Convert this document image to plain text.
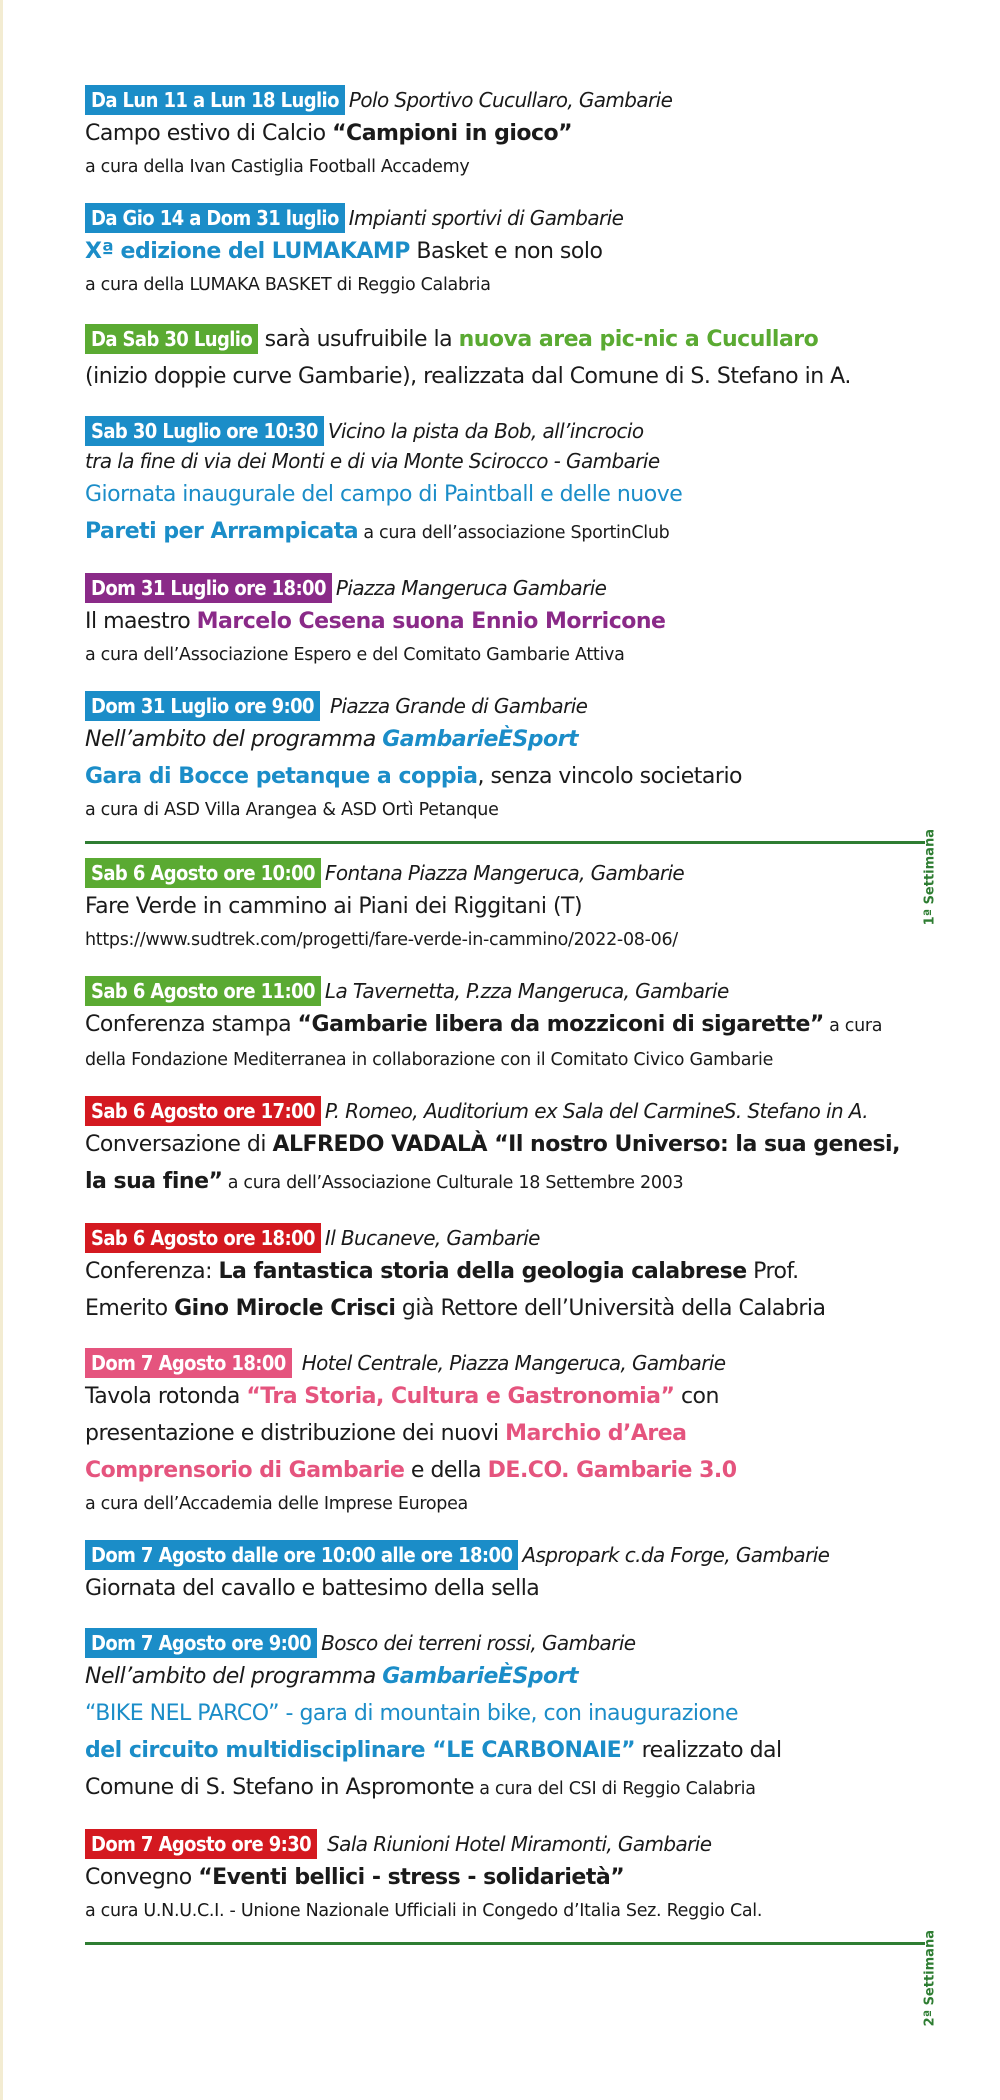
1ª Settimana
Da Lun 11 a Lun 18 Luglio Polo Sportivo Cucullaro, Gambarie
Campo estivo di Calcio “Campioni in gioco”
a cura della Ivan Castiglia Football Accademy
Da Gio 14 a Dom 31 luglio Impianti sportivi di Gambarie
Xª edizione del LUMAKAMP Basket e non solo
a cura della LUMAKA BASKET di Reggio Calabria
Da Sab 30 Luglio sarà usufruibile la nuova area pic-nic a Cucullaro
(inizio doppie curve Gambarie), realizzata dal Comune di S. Stefano in A.
Sab 30 Luglio ore 10:30 Vicino la pista da Bob, all’incrocio
tra la fine di via dei Monti e di via Monte Scirocco - Gambarie
Giornata inaugurale del campo di Paintball e delle nuove
Pareti per Arrampicata a cura dell’associazione SportinClub
Dom 31 Luglio ore 18:00 Piazza Mangeruca Gambarie
Il maestro Marcelo Cesena suona Ennio Morricone
a cura dell’Associazione Espero e del Comitato Gambarie Attiva
Dom 31 Luglio ore 9:00 Piazza Grande di Gambarie
Nell’ambito del programma GambarieÈSport
Gara di Bocce petanque a coppia, senza vincolo societario
a cura di ASD Villa Arangea & ASD Ortì Petanque
2ª Settimana
Sab 6 Agosto ore 10:00 Fontana Piazza Mangeruca, Gambarie
Fare Verde in cammino ai Piani dei Riggitani (T)
https://www.sudtrek.com/progetti/fare-verde-in-cammino/2022-08-06/
Sab 6 Agosto ore 11:00 La Tavernetta, P.zza Mangeruca, Gambarie
Conferenza stampa “Gambarie libera da mozziconi di sigarette” a cura
della Fondazione Mediterranea in collaborazione con il Comitato Civico Gambarie
Sab 6 Agosto ore 17:00 P. Romeo, Auditorium ex Sala del CarmineS. Stefano in A.
Conversazione di ALFREDO VADALÀ “Il nostro Universo: la sua genesi,
la sua fine” a cura dell’Associazione Culturale 18 Settembre 2003
Sab 6 Agosto ore 18:00 Il Bucaneve, Gambarie
Conferenza: La fantastica storia della geologia calabrese Prof.
Emerito Gino Mirocle Crisci già Rettore dell’Università della Calabria
Dom 7 Agosto 18:00 Hotel Centrale, Piazza Mangeruca, Gambarie
Tavola rotonda “Tra Storia, Cultura e Gastronomia” con
presentazione e distribuzione dei nuovi Marchio d’Area
Comprensorio di Gambarie e della DE.CO. Gambarie 3.0
a cura dell’Accademia delle Imprese Europea
Dom 7 Agosto dalle ore 10:00 alle ore 18:00 Aspropark c.da Forge, Gambarie
Giornata del cavallo e battesimo della sella
Dom 7 Agosto ore 9:00 Bosco dei terreni rossi, Gambarie
Nell’ambito del programma GambarieÈSport
“BIKE NEL PARCO” - gara di mountain bike, con inaugurazione
del circuito multidisciplinare “LE CARBONAIE” realizzato dal
Comune di S. Stefano in Aspromonte a cura del CSI di Reggio Calabria
Dom 7 Agosto ore 9:30 Sala Riunioni Hotel Miramonti, Gambarie
Convegno “Eventi bellici - stress - solidarietà”
a cura U.N.U.C.I. - Unione Nazionale Ufficiali in Congedo d’Italia Sez. Reggio Cal.
